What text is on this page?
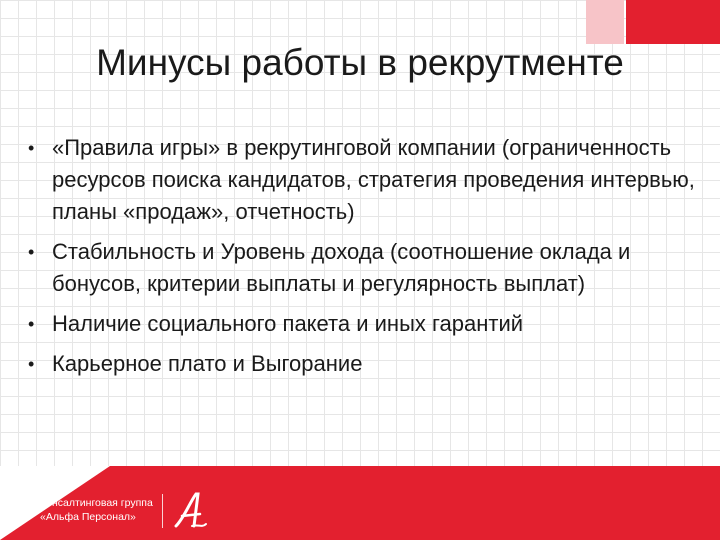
Минусы работы в рекрутменте
• «Правила игры» в рекрутинговой компании (ограниченность ресурсов поиска кандидатов, стратегия проведения интервью, планы «продаж», отчетность)
• Стабильность и Уровень дохода (соотношение оклада и бонусов, критерии выплаты и регулярность выплат)
• Наличие социального пакета и иных гарантий
• Карьерное плато и Выгорание
Консалтинговая группа
«Альфа Персонал»
